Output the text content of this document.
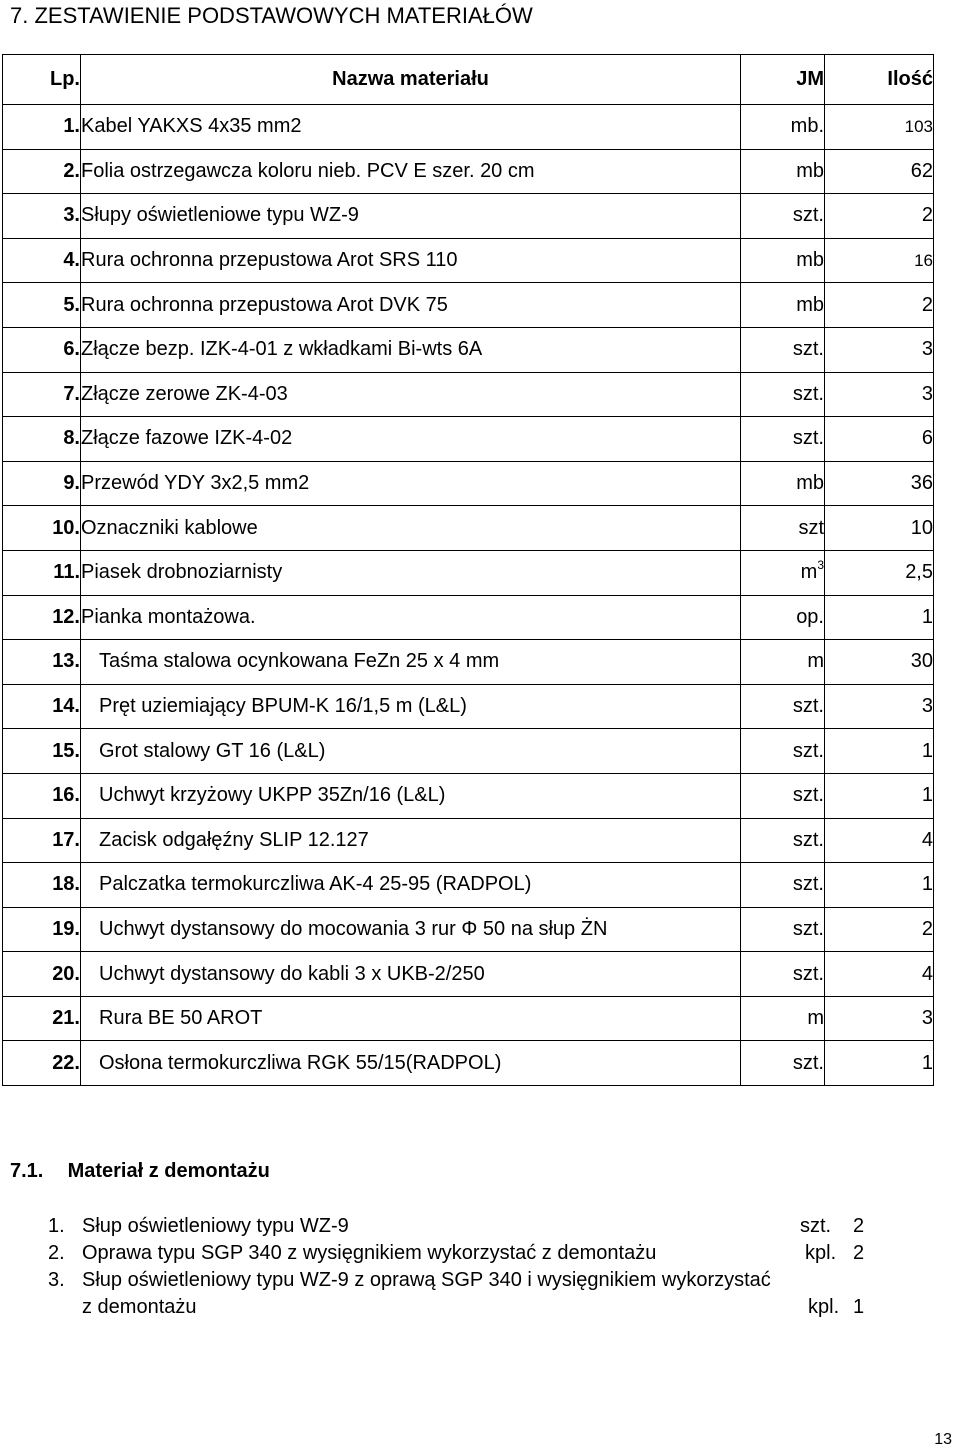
7. ZESTAWIENIE PODSTAWOWYCH MATERIAŁÓW
Lp.	Nazwa materiału	JM	Ilość
1.	Kabel YAKXS 4x35 mm2	mb.	103
2.	Folia ostrzegawcza koloru nieb. PCV E szer. 20 cm	mb	62
3.	Słupy oświetleniowe typu WZ-9	szt.	2
4.	Rura ochronna przepustowa Arot SRS 110	mb	16
5.	Rura ochronna przepustowa Arot DVK 75	mb	2
6.	Złącze bezp. IZK-4-01 z wkładkami Bi-wts 6A	szt.	3
7.	Złącze zerowe ZK-4-03	szt.	3
8.	Złącze fazowe IZK-4-02	szt.	6
9.	Przewód YDY 3x2,5 mm2	mb	36
10.	Oznaczniki kablowe	szt	10
11.	Piasek drobnoziarnisty	$m^3$	2,5
12.	Pianka montażowa.	op.	1
13.	Taśma stalowa ocynkowana FeZn 25 x 4 mm	m	30
14.	Pręt uziemiający BPUM-K 16/1,5 m (L&L)	szt.	3
15.	Grot stalowy GT 16 (L&L)	szt.	1
16.	Uchwyt krzyżowy UKPP 35Zn/16 (L&L)	szt.	1
17.	Zacisk odgałęźny SLIP 12.127	szt.	4
18.	Palczatka termokurczliwa AK-4 25-95 (RADPOL)	szt.	1
19.	Uchwyt dystansowy do mocowania 3 rur Φ 50 na słup ŻN	szt.	2
20.	Uchwyt dystansowy do kabli 3 x UKB-2/250	szt.	4
21.	Rura BE 50 AROT	m	3
22.	Osłona termokurczliwa RGK 55/15(RADPOL)	szt.	1
7.1. Materiał z demontażu
1. Słup oświetleniowy typu WZ-9	szt. 2
2. Oprawa typu SGP 340 z wysięgnikiem wykorzystać z demontażu	kpl. 2
3. Słup oświetleniowy typu WZ-9 z oprawą SGP 340 i wysięgnikiem wykorzystać z demontażu	kpl. 1
13
